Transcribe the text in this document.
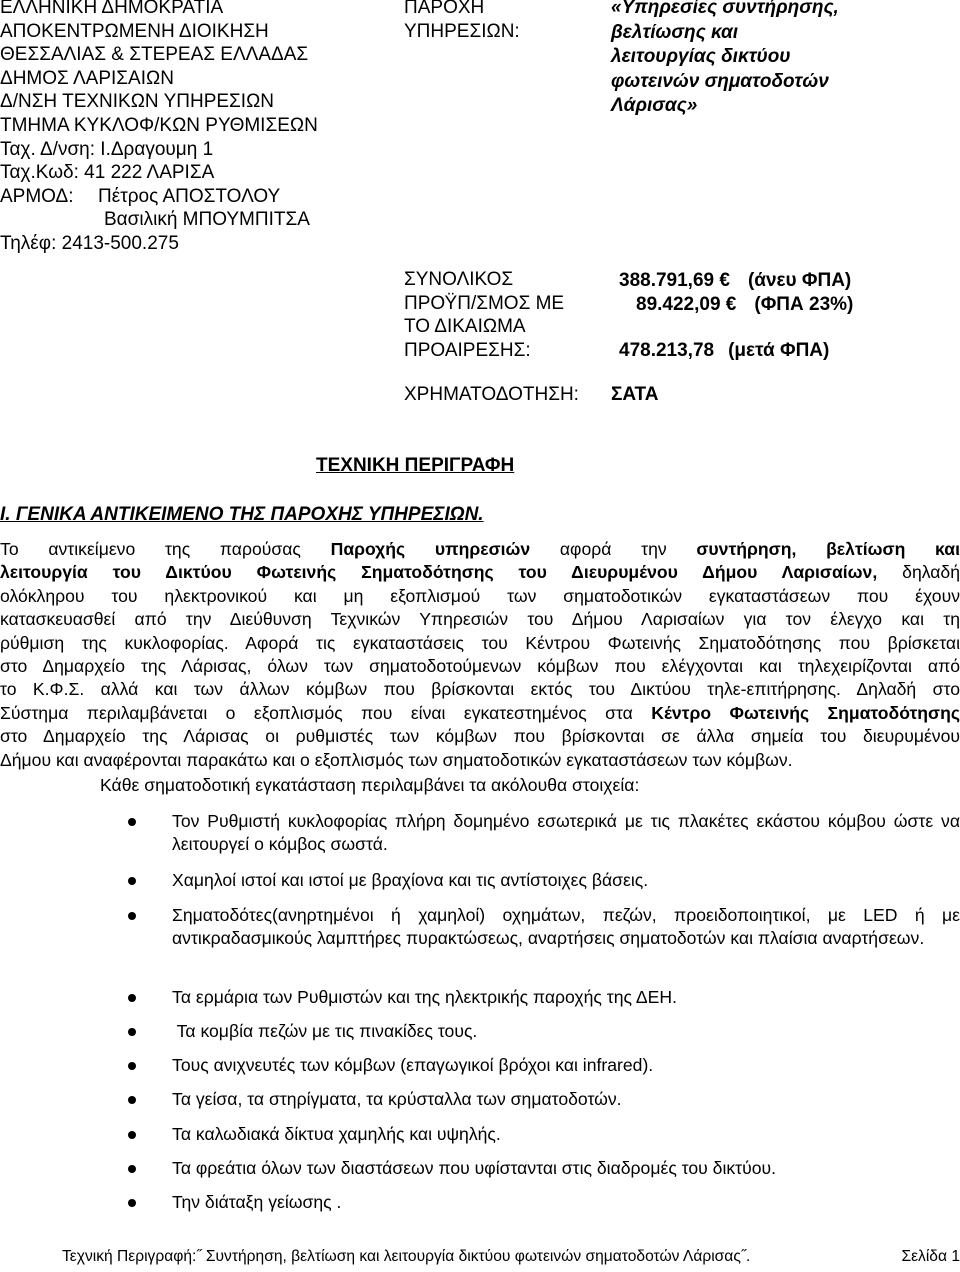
ΕΛΛΗΝΙΚΗ ΔΗΜΟΚΡΑΤΙΑ
ΑΠΟΚΕΝΤΡΩΜΕΝΗ ΔΙΟΙΚΗΣΗ
ΘΕΣΣΑΛΙΑΣ & ΣΤΕΡΕΑΣ ΕΛΛΑΔΑΣ
ΔΗΜΟΣ ΛΑΡΙΣΑΙΩΝ
Δ/ΝΣΗ ΤΕΧΝΙΚΩΝ ΥΠΗΡΕΣΙΩΝ
ΤΜΗΜΑ ΚΥΚΛΟΦ/ΚΩΝ ΡΥΘΜΙΣΕΩΝ
Ταχ. Δ/νση: Ι.Δραγουμη 1
Ταχ.Κωδ: 41 222 ΛΑΡΙΣΑ
ΑΡΜΟΔ: Πέτρος ΑΠΟΣΤΟΛΟΥ
Βασιλική ΜΠΟΥΜΠΙΤΣΑ
Τηλέφ: 2413-500.275
ΠΑΡΟΧΗ
ΥΠΗΡΕΣΙΩΝ:
«Υπηρεσίες συντήρησης,
βελτίωσης και
λειτουργίας δικτύου
φωτεινών σηματοδοτών
Λάρισας»
ΣΥΝΟΛΙΚΟΣ
ΠΡΟΫΠ/ΣΜΟΣ ΜΕ
ΤΟ ΔΙΚΑΙΩΜΑ
ΠΡΟΑΙΡΕΣΗΣ:
388.791,69 € (άνευ ΦΠΑ)
89.422,09 € (ΦΠΑ 23%)
478.213,78 (μετά ΦΠΑ)
ΧΡΗΜΑΤΟΔΟΤΗΣΗ: ΣΑΤΑ
ΤΕΧΝΙΚΗ ΠΕΡΙΓΡΑΦΗ
Ι. ΓΕΝΙΚΑ ΑΝΤΙΚΕΙΜΕΝΟ ΤΗΣ ΠΑΡΟΧΗΣ ΥΠΗΡΕΣΙΩΝ.
Το αντικείμενο της παρούσας Παροχής υπηρεσιών αφορά την συντήρηση, βελτίωση και
λειτουργία του Δικτύου Φωτεινής Σηματοδότησης του Διευρυμένου Δήμου Λαρισαίων, δηλαδή
ολόκληρου του ηλεκτρονικού και μη εξοπλισμού των σηματοδοτικών εγκαταστάσεων που έχουν
κατασκευασθεί από την Διεύθυνση Τεχνικών Υπηρεσιών του Δήμου Λαρισαίων για τον έλεγχο και τη
ρύθμιση της κυκλοφορίας. Αφορά τις εγκαταστάσεις του Κέντρου Φωτεινής Σηματοδότησης που βρίσκεται
στο Δημαρχείο της Λάρισας, όλων των σηματοδοτούμενων κόμβων που ελέγχονται και τηλεχειρίζονται από
το Κ.Φ.Σ. αλλά και των άλλων κόμβων που βρίσκονται εκτός του Δικτύου τηλε-επιτήρησης. Δηλαδή στο
Σύστημα περιλαμβάνεται ο εξοπλισμός που είναι εγκατεστημένος στα Κέντρο Φωτεινής Σηματοδότησης
στο Δημαρχείο της Λάρισας οι ρυθμιστές των κόμβων που βρίσκονται σε άλλα σημεία του διευρυμένου
Δήμου και αναφέρονται παρακάτω και ο εξοπλισμός των σηματοδοτικών εγκαταστάσεων των κόμβων.
Κάθε σηματοδοτική εγκατάσταση περιλαμβάνει τα ακόλουθα στοιχεία:
Τον Ρυθμιστή κυκλοφορίας πλήρη δομημένο εσωτερικά με τις πλακέτες εκάστου κόμβου ώστε να λειτουργεί ο κόμβος σωστά.
Χαμηλοί ιστοί και ιστοί με βραχίονα και τις αντίστοιχες βάσεις.
Σηματοδότες(ανηρτημένοι ή χαμηλοί) οχημάτων, πεζών, προειδοποιητικοί, με LED ή με αντικραδασμικούς λαμπτήρες πυρακτώσεως, αναρτήσεις σηματοδοτών και πλαίσια αναρτήσεων.
Τα ερμάρια των Ρυθμιστών και της ηλεκτρικής παροχής της ΔΕΗ.
Τα κομβία πεζών με τις πινακίδες τους.
Τους ανιχνευτές των κόμβων (επαγωγικοί βρόχοι και infrared).
Τα γείσα, τα στηρίγματα, τα κρύσταλλα των σηματοδοτών.
Τα καλωδιακά δίκτυα χαμηλής και υψηλής.
Τα φρεάτια όλων των διαστάσεων που υφίστανται στις διαδρομές του δικτύου.
Την διάταξη γείωσης .
Τεχνική Περιγραφή:˝ Συντήρηση, βελτίωση και λειτουργία δικτύου φωτεινών σηματοδοτών Λάρισας˝.	Σελίδα 1
